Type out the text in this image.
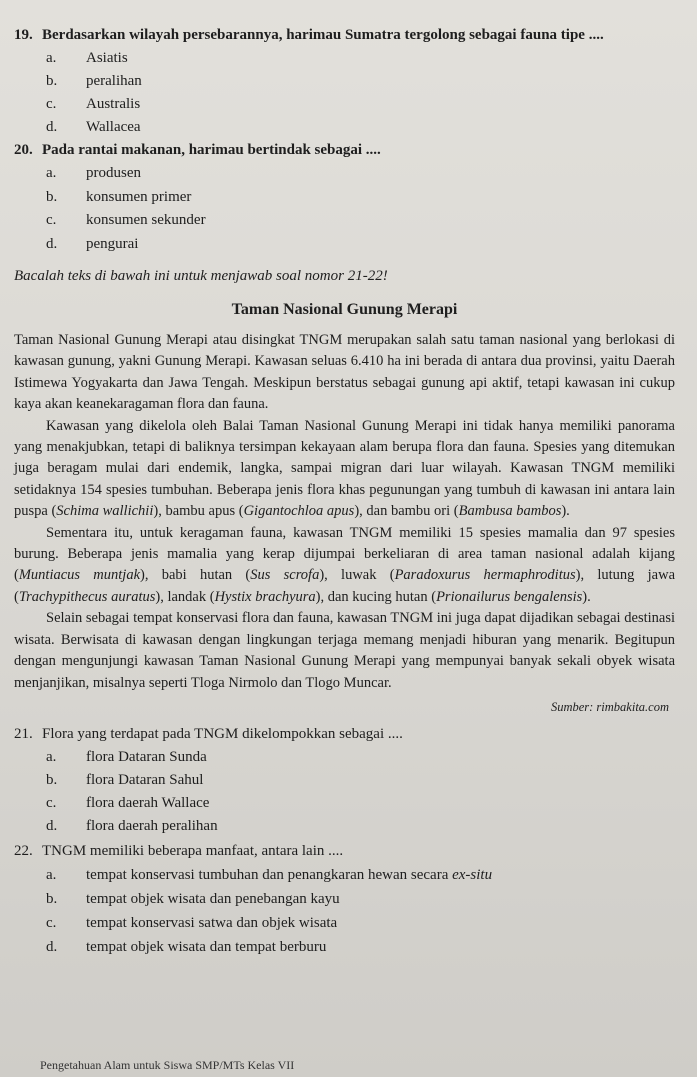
19. Berdasarkan wilayah persebarannya, harimau Sumatra tergolong sebagai fauna tipe ....
a.	Asiatis
b.	peralihan
c.	Australis
d.	Wallacea
20. Pada rantai makanan, harimau bertindak sebagai ....
a.	produsen
b.	konsumen primer
c.	konsumen sekunder
d.	pengurai
Bacalah teks di bawah ini untuk menjawab soal nomor 21-22!
Taman Nasional Gunung Merapi

Taman Nasional Gunung Merapi atau disingkat TNGM merupakan salah satu taman nasional yang berlokasi di kawasan gunung, yakni Gunung Merapi. Kawasan seluas 6.410 ha ini berada di antara dua provinsi, yaitu Daerah Istimewa Yogyakarta dan Jawa Tengah. Meskipun berstatus sebagai gunung api aktif, tetapi kawasan ini cukup kaya akan keanekaragaman flora dan fauna.

Kawasan yang dikelola oleh Balai Taman Nasional Gunung Merapi ini tidak hanya memiliki panorama yang menakjubkan, tetapi di baliknya tersimpan kekayaan alam berupa flora dan fauna. Spesies yang ditemukan juga beragam mulai dari endemik, langka, sampai migran dari luar wilayah. Kawasan TNGM memiliki setidaknya 154 spesies tumbuhan. Beberapa jenis flora khas pegunungan yang tumbuh di kawasan ini antara lain puspa (Schima wallichii), bambu apus (Gigantochloa apus), dan bambu ori (Bambusa bambos).

Sementara itu, untuk keragaman fauna, kawasan TNGM memiliki 15 spesies mamalia dan 97 spesies burung. Beberapa jenis mamalia yang kerap dijumpai berkeliaran di area taman nasional adalah kijang (Muntiacus muntjak), babi hutan (Sus scrofa), luwak (Paradoxurus hermaphroditus), lutung jawa (Trachypithecus auratus), landak (Hystix brachyura), dan kucing hutan (Prionailurus bengalensis).

Selain sebagai tempat konservasi flora dan fauna, kawasan TNGM ini juga dapat dijadikan sebagai destinasi wisata. Berwisata di kawasan dengan lingkungan terjaga memang menjadi hiburan yang menarik. Begitupun dengan mengunjungi kawasan Taman Nasional Gunung Merapi yang mempunyai banyak sekali obyek wisata menjanjikan, misalnya seperti Tloga Nirmolo dan Tlogo Muncar.

Sumber: rimbakita.com
21. Flora yang terdapat pada TNGM dikelompokkan sebagai ....
a.	flora Dataran Sunda
b.	flora Dataran Sahul
c.	flora daerah Wallace
d.	flora daerah peralihan
22. TNGM memiliki beberapa manfaat, antara lain ....
a.	tempat konservasi tumbuhan dan penangkaran hewan secara ex-situ
b.	tempat objek wisata dan penebangan kayu
c.	tempat konservasi satwa dan objek wisata
d.	tempat objek wisata dan tempat berburu
Pengetahuan Alam untuk Siswa SMP/MTs Kelas VII
